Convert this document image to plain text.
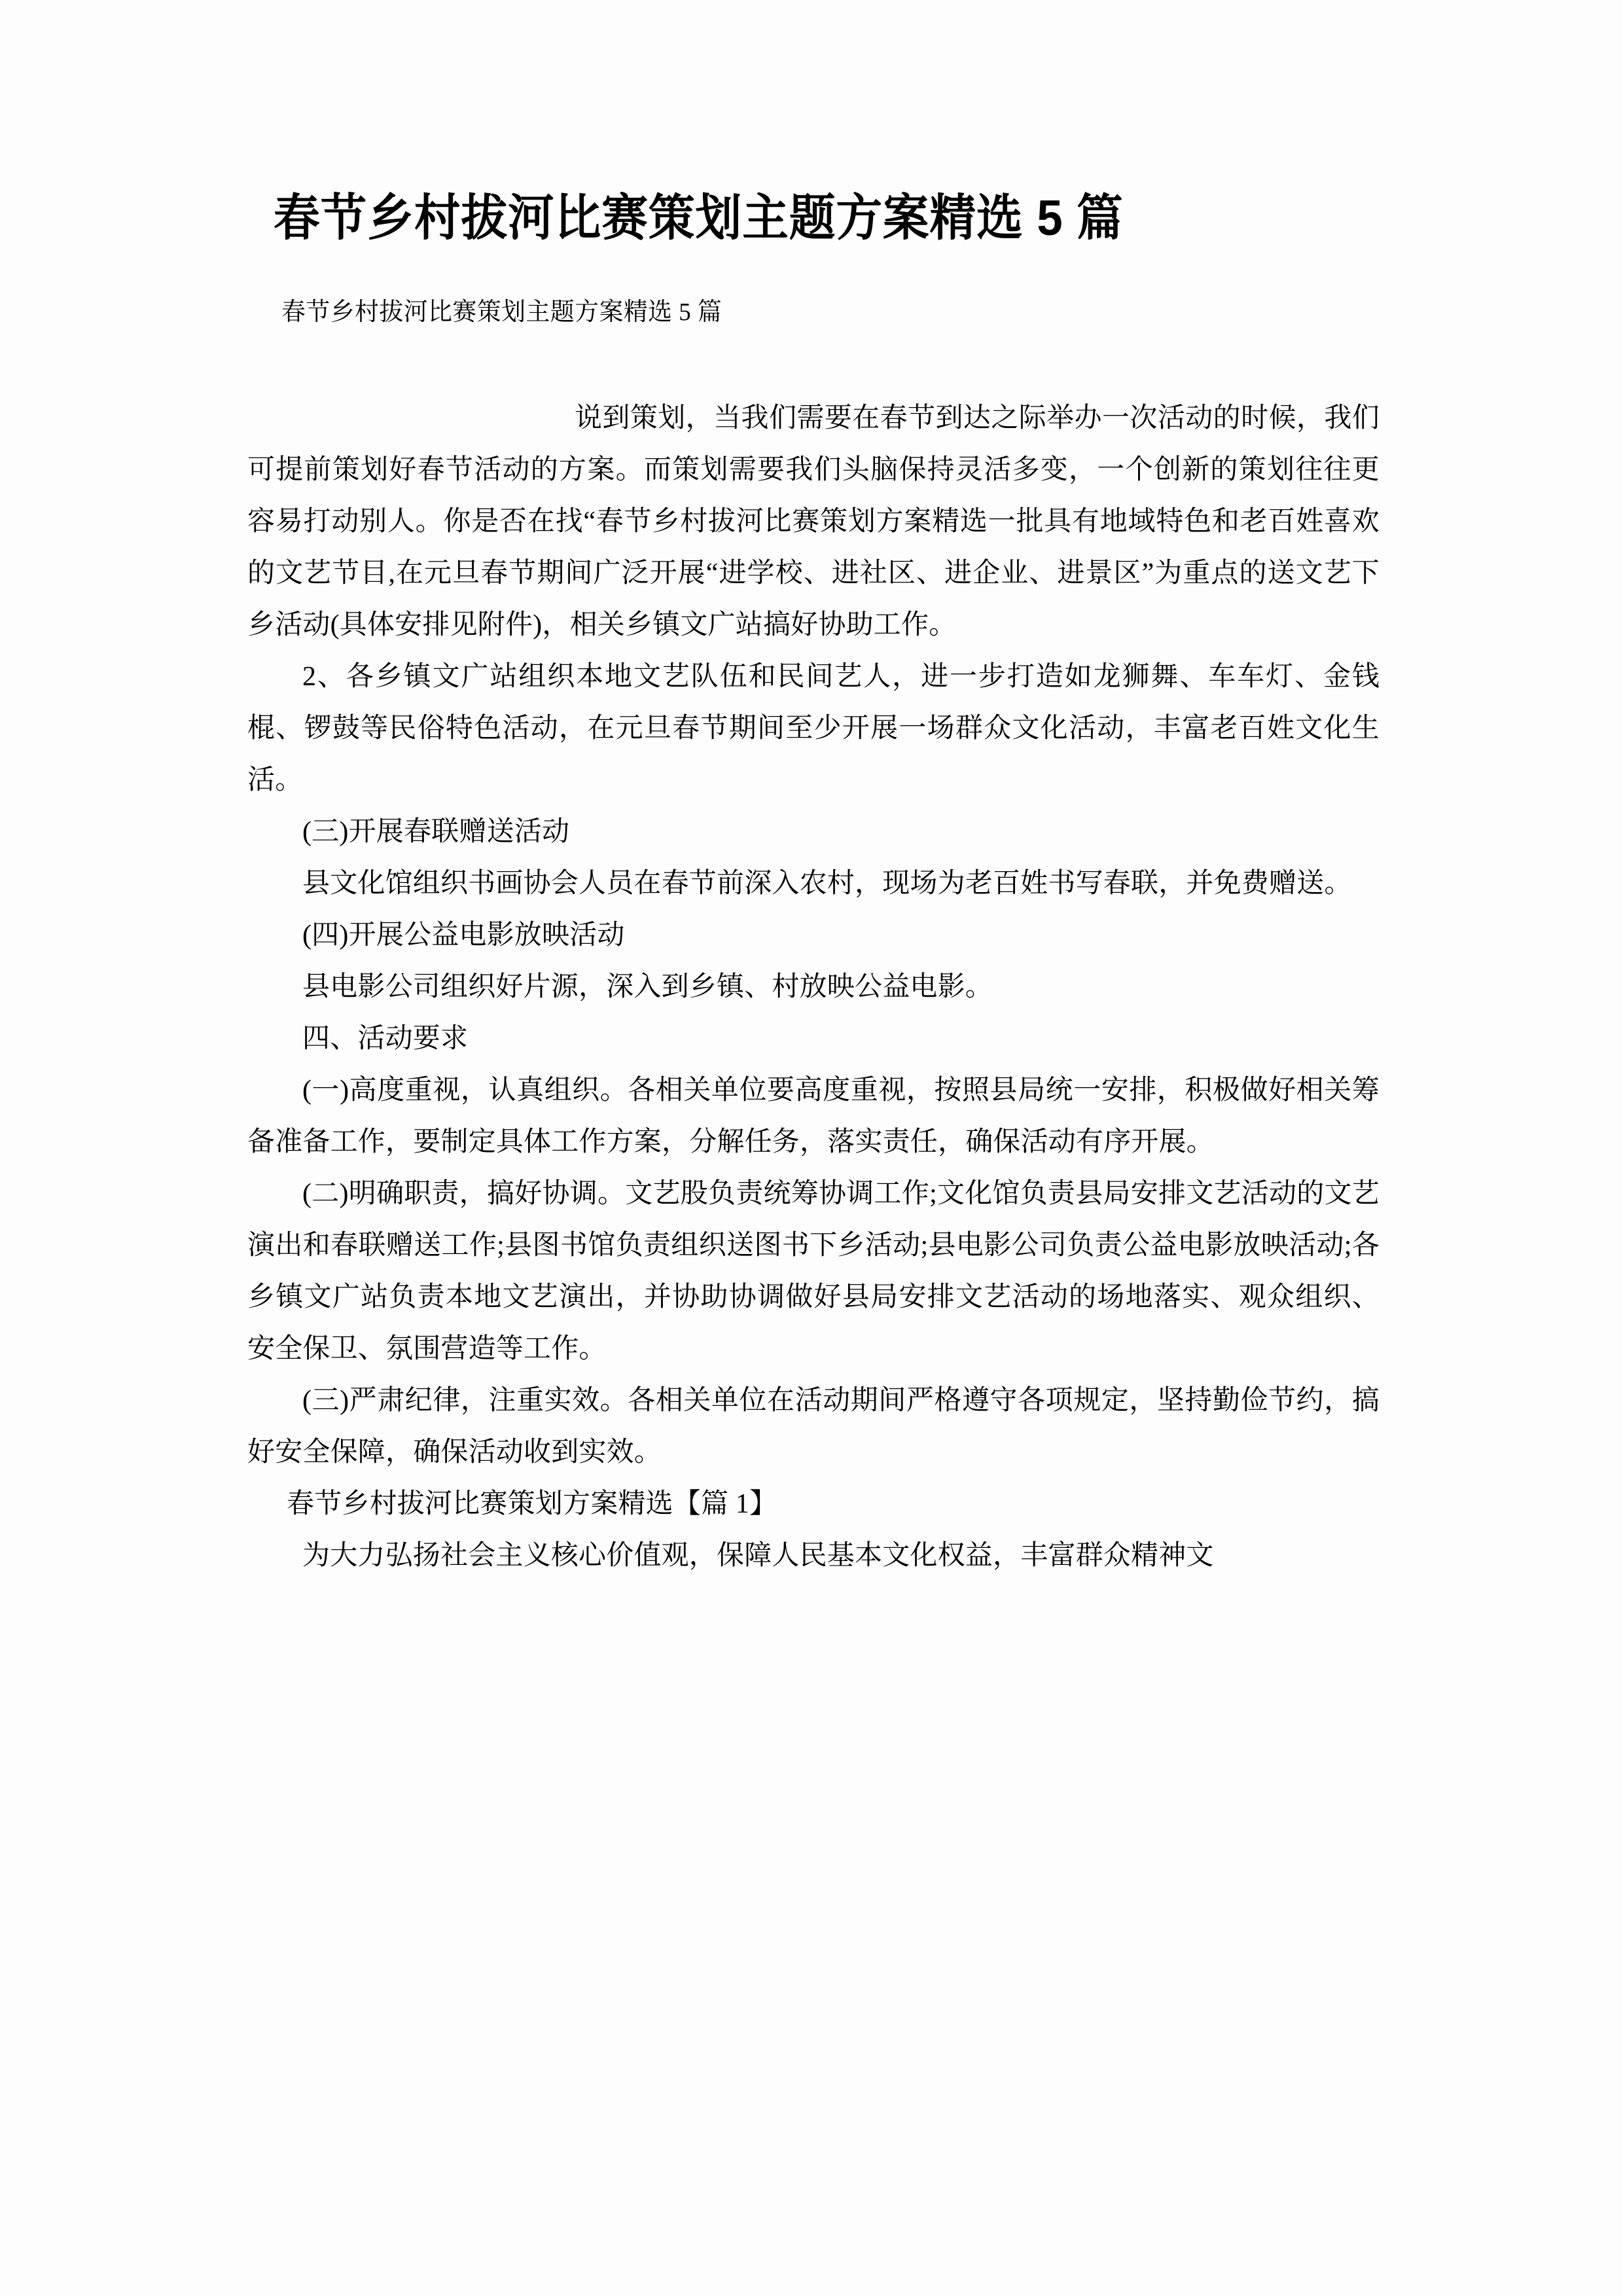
春节乡村拔河比赛策划主题方案精选 5 篇
春节乡村拔河比赛策划主题方案精选 5 篇

说到策划，当我们需要在春节到达之际举办一次活动的时候，我们可提前策划好春节活动的方案。而策划需要我们头脑保持灵活多变，一个创新的策划往往更容易打动别人。你是否在找“春节乡村拔河比赛策划方案精选一批具有地域特色和老百姓喜欢的文艺节目,在元旦春节期间广泛开展“进学校、进社区、进企业、进景区”为重点的送文艺下乡活动(具体安排见附件)，相关乡镇文广站搞好协助工作。

2、各乡镇文广站组织本地文艺队伍和民间艺人，进一步打造如龙狮舞、车车灯、金钱棍、锣鼓等民俗特色活动，在元旦春节期间至少开展一场群众文化活动，丰富老百姓文化生活。

(三)开展春联赠送活动

县文化馆组织书画协会人员在春节前深入农村，现场为老百姓书写春联，并免费赠送。

(四)开展公益电影放映活动

县电影公司组织好片源，深入到乡镇、村放映公益电影。

四、活动要求

(一)高度重视，认真组织。各相关单位要高度重视，按照县局统一安排，积极做好相关筹备准备工作，要制定具体工作方案，分解任务，落实责任，确保活动有序开展。

(二)明确职责，搞好协调。文艺股负责统筹协调工作;文化馆负责县局安排文艺活动的文艺演出和春联赠送工作;县图书馆负责组织送图书下乡活动;县电影公司负责公益电影放映活动;各乡镇文广站负责本地文艺演出，并协助协调做好县局安排文艺活动的场地落实、观众组织、安全保卫、氛围营造等工作。

(三)严肃纪律，注重实效。各相关单位在活动期间严格遵守各项规定，坚持勤俭节约，搞好安全保障，确保活动收到实效。

春节乡村拔河比赛策划方案精选【篇 1】

为大力弘扬社会主义核心价值观，保障人民基本文化权益，丰富群众精神文
